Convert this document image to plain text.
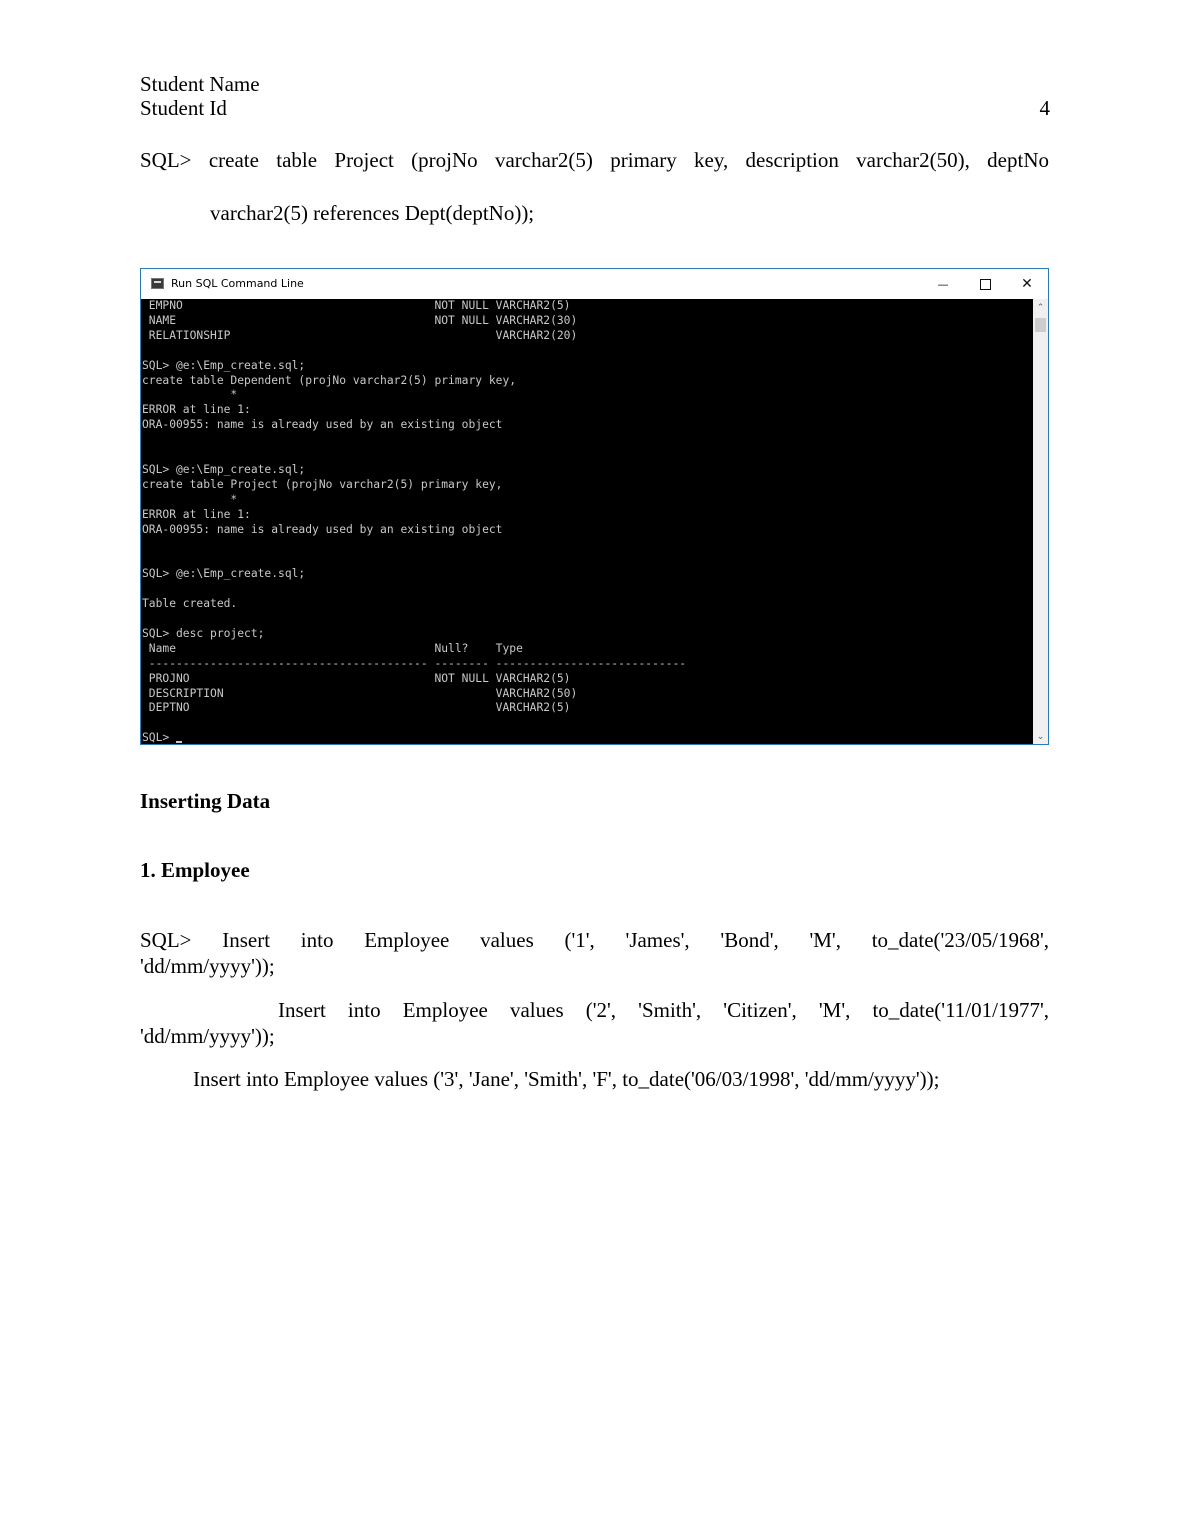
Student Name
Student Id	4
SQL> create table Project (projNo varchar2(5) primary key, description varchar2(50), deptNo
varchar2(5) references Dept(deptNo));
Run SQL Command Line	—	✕
EMPNO                                     NOT NULL VARCHAR2(5)
NAME                                      NOT NULL VARCHAR2(30)
RELATIONSHIP                                       VARCHAR2(20)

SQL> @e:\Emp_create.sql;
create table Dependent (projNo varchar2(5) primary key,
*
ERROR at line 1:
ORA-00955: name is already used by an existing object

SQL> @e:\Emp_create.sql;
create table Project (projNo varchar2(5) primary key,
*
ERROR at line 1:
ORA-00955: name is already used by an existing object

SQL> @e:\Emp_create.sql;

Table created.

SQL> desc project;
Name                                      Null?    Type
----------------------------------------- -------- ----------------------------
PROJNO                                    NOT NULL VARCHAR2(5)
DESCRIPTION                                        VARCHAR2(50)
DEPTNO                                             VARCHAR2(5)

SQL>
⌃
⌄
Inserting Data
1. Employee
SQL> Insert into Employee values ('1', 'James', 'Bond', 'M', to_date('23/05/1968',
'dd/mm/yyyy'));
Insert into Employee values ('2', 'Smith', 'Citizen', 'M', to_date('11/01/1977',
'dd/mm/yyyy'));
Insert into Employee values ('3', 'Jane', 'Smith', 'F', to_date('06/03/1998', 'dd/mm/yyyy'));
